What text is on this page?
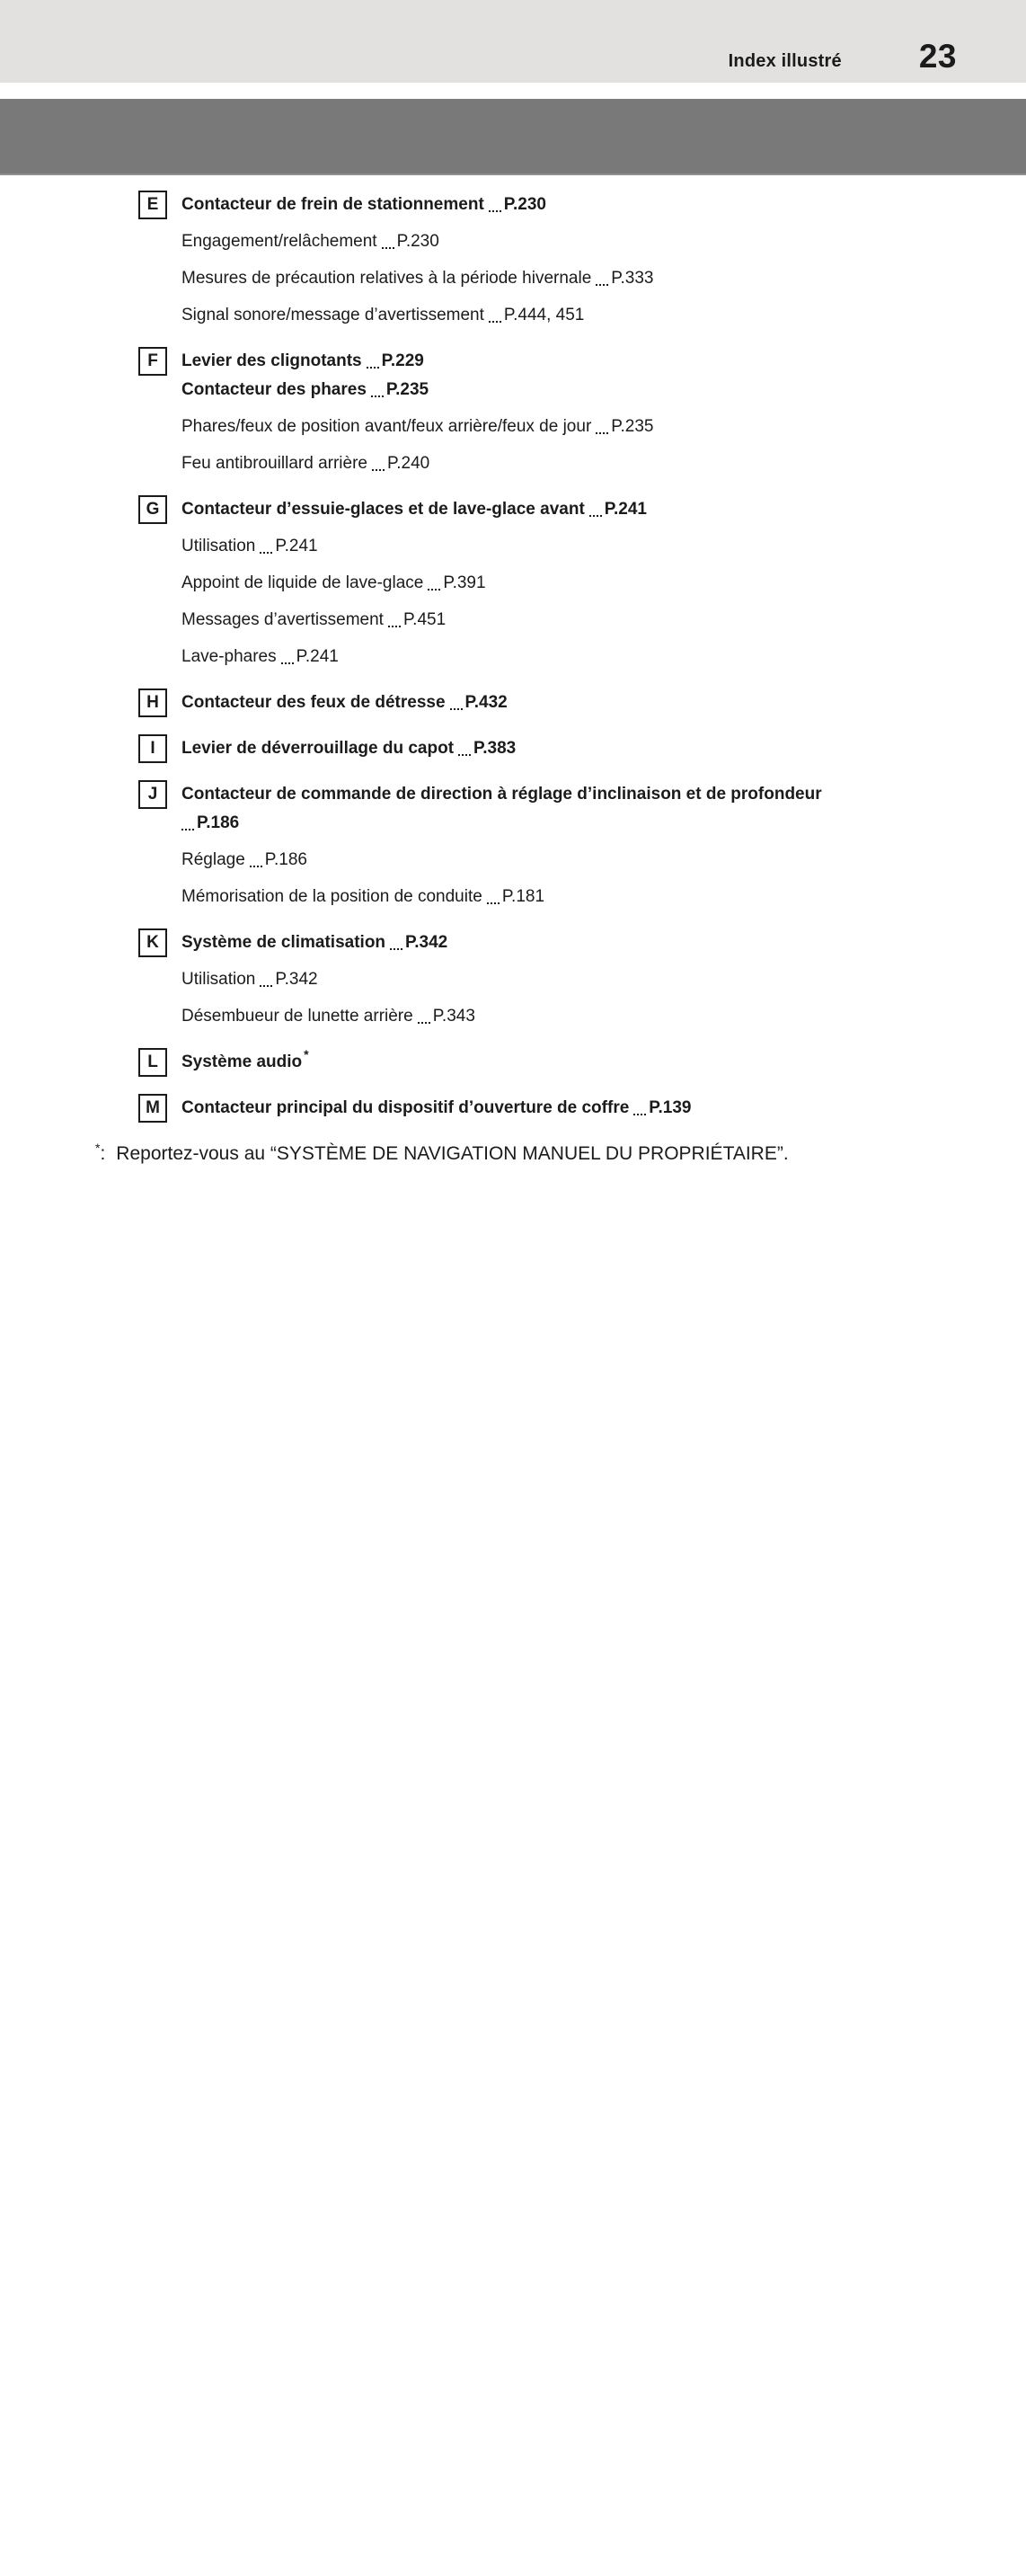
Index illustré 23
E	Contacteur de frein de stationnement P.230
Engagement/relâchement P.230
Mesures de précaution relatives à la période hivernale P.333
Signal sonore/message d’avertissement P.444, 451
F	Levier des clignotants P.229
Contacteur des phares P.235
Phares/feux de position avant/feux arrière/feux de jour P.235
Feu antibrouillard arrière P.240
G	Contacteur d’essuie-glaces et de lave-glace avant P.241
Utilisation P.241
Appoint de liquide de lave-glace P.391
Messages d’avertissement P.451
Lave-phares P.241
H	Contacteur des feux de détresse P.432
I	Levier de déverrouillage du capot P.383
J	Contacteur de commande de direction à réglage d’inclinaison et de profondeur
P.186
Réglage P.186
Mémorisation de la position de conduite P.181
K	Système de climatisation P.342
Utilisation P.342
Désembueur de lunette arrière P.343
L	Système audio *
M	Contacteur principal du dispositif d’ouverture de coffre P.139
* : Reportez-vous au “SYSTÈME DE NAVIGATION MANUEL DU PROPRIÉTAIRE”.
